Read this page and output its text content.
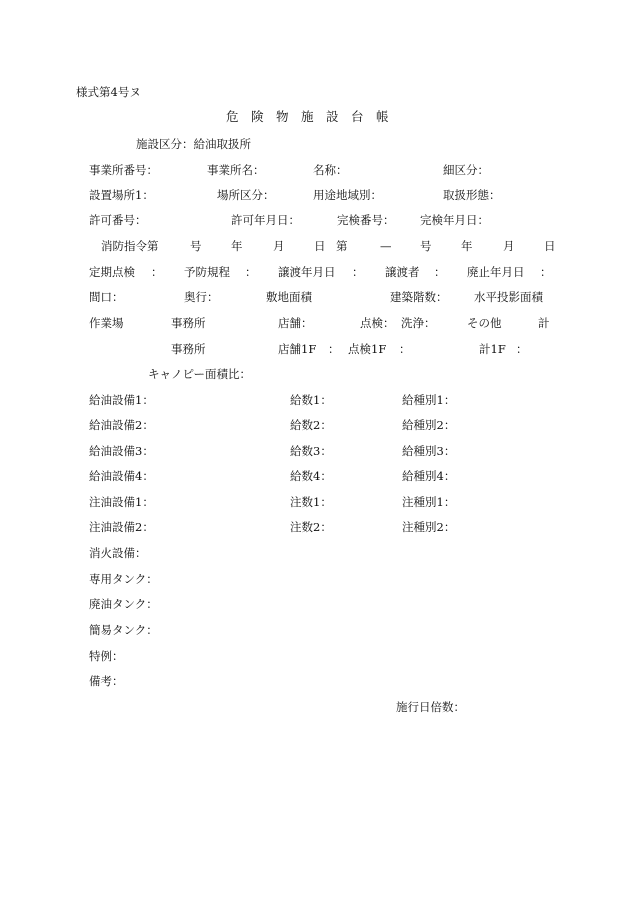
様式第4号ヌ
危　険　物　施　設　台　帳
施設区分：給油取扱所
事業所番号：	事業所名：	名称：	細区分：
設置場所1：	場所区分：	用途地域別：	取扱形態：
許可番号：	許可年月日：	完検番号： 完検年月日：
消防指令第	号	年	月	日 第	— 号	年	月	日
定期点検 ： 予防規程 ： 譲渡年月日 ： 譲渡者 ： 廃止年月日 ：
間口：	奥行：	敷地面積	建築階数： 水平投影面積
作業場	事務所	店舗：	点検： 洗浄：	その他	計
事務所	店舗1F ： 点検1F ：	計1F ：
キャノピー面積比：
給油設備1：	給数1：	給種別1：
給油設備2：	給数2：	給種別2：
給油設備3：	給数3：	給種別3：
給油設備4：	給数4：	給種別4：
注油設備1：	注数1：	注種別1：
注油設備2：	注数2：	注種別2：
消火設備：
専用タンク：
廃油タンク：
簡易タンク：
特例：
備考：
施行日倍数：
